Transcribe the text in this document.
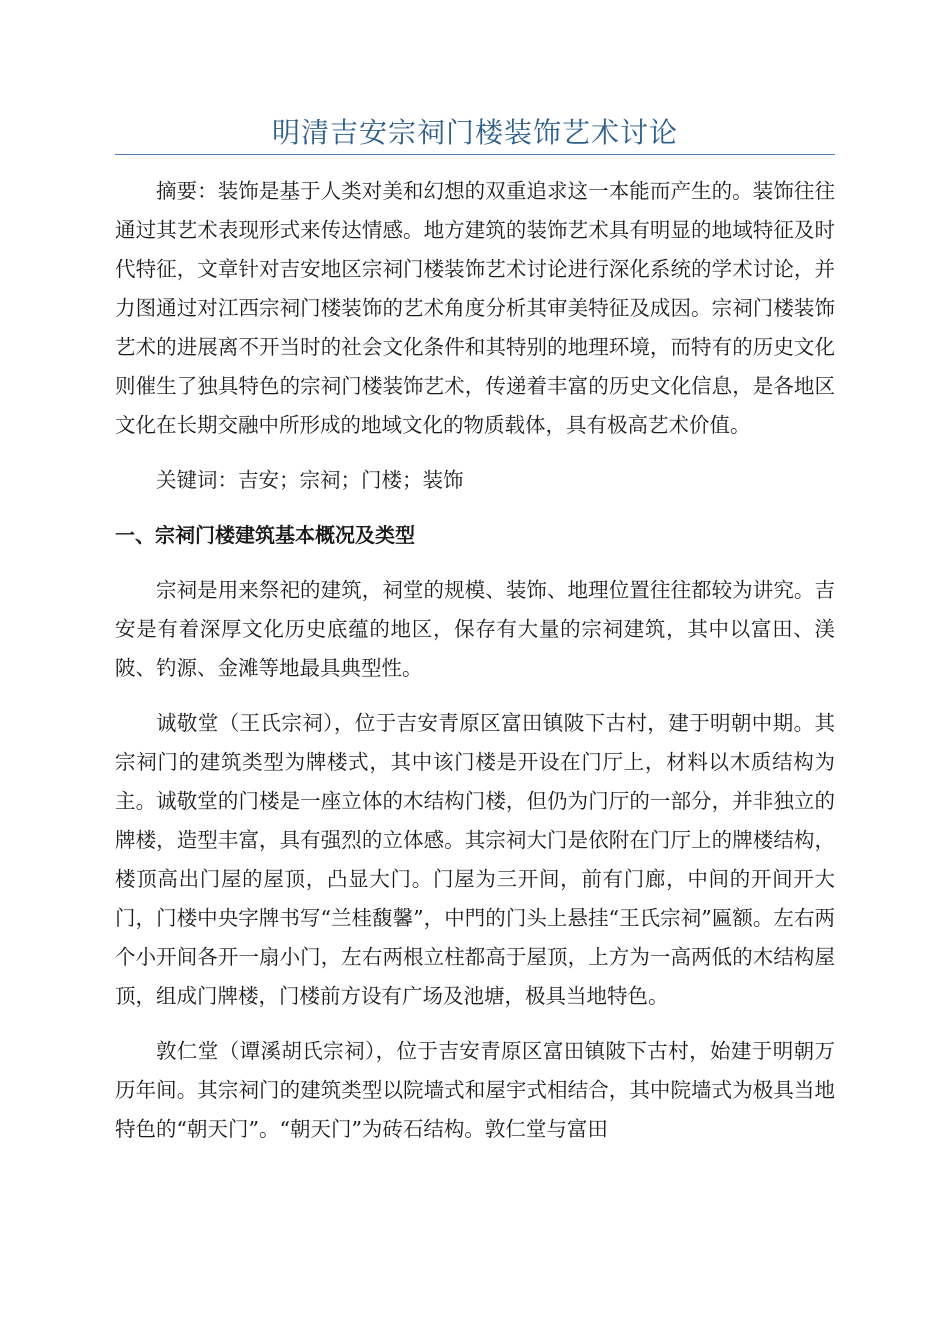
明清吉安宗祠门楼装饰艺术讨论

摘要：装饰是基于人类对美和幻想的双重追求这一本能而产生的。装饰往往通过其艺术表现形式来传达情感。地方建筑的装饰艺术具有明显的地域特征及时代特征，文章针对吉安地区宗祠门楼装饰艺术讨论进行深化系统的学术讨论，并力图通过对江西宗祠门楼装饰的艺术角度分析其审美特征及成因。宗祠门楼装饰艺术的进展离不开当时的社会文化条件和其特别的地理环境，而特有的历史文化则催生了独具特色的宗祠门楼装饰艺术，传递着丰富的历史文化信息，是各地区文化在长期交融中所形成的地域文化的物质载体，具有极高艺术价值。

关键词：吉安；宗祠；门楼；装饰

一、宗祠门楼建筑基本概况及类型

宗祠是用来祭祀的建筑，祠堂的规模、装饰、地理位置往往都较为讲究。吉安是有着深厚文化历史底蕴的地区，保存有大量的宗祠建筑，其中以富田、渼陂、钓源、金滩等地最具典型性。

诚敬堂（王氏宗祠），位于吉安青原区富田镇陂下古村，建于明朝中期。其宗祠门的建筑类型为牌楼式，其中该门楼是开设在门厅上，材料以木质结构为主。诚敬堂的门楼是一座立体的木结构门楼，但仍为门厅的一部分，并非独立的牌楼，造型丰富，具有强烈的立体感。其宗祠大门是依附在门厅上的牌楼结构，楼顶高出门屋的屋顶，凸显大门。门屋为三开间，前有门廊，中间的开间开大门，门楼中央字牌书写“兰桂馥馨”，中門的门头上悬挂“王氏宗祠”匾额。左右两个小开间各开一扇小门，左右两根立柱都高于屋顶，上方为一高两低的木结构屋顶，组成门牌楼，门楼前方设有广场及池塘，极具当地特色。

敦仁堂（谭溪胡氏宗祠），位于吉安青原区富田镇陂下古村，始建于明朝万历年间。其宗祠门的建筑类型以院墙式和屋宇式相结合，其中院墙式为极具当地特色的“朝天门”。“朝天门”为砖石结构。敦仁堂与富田
